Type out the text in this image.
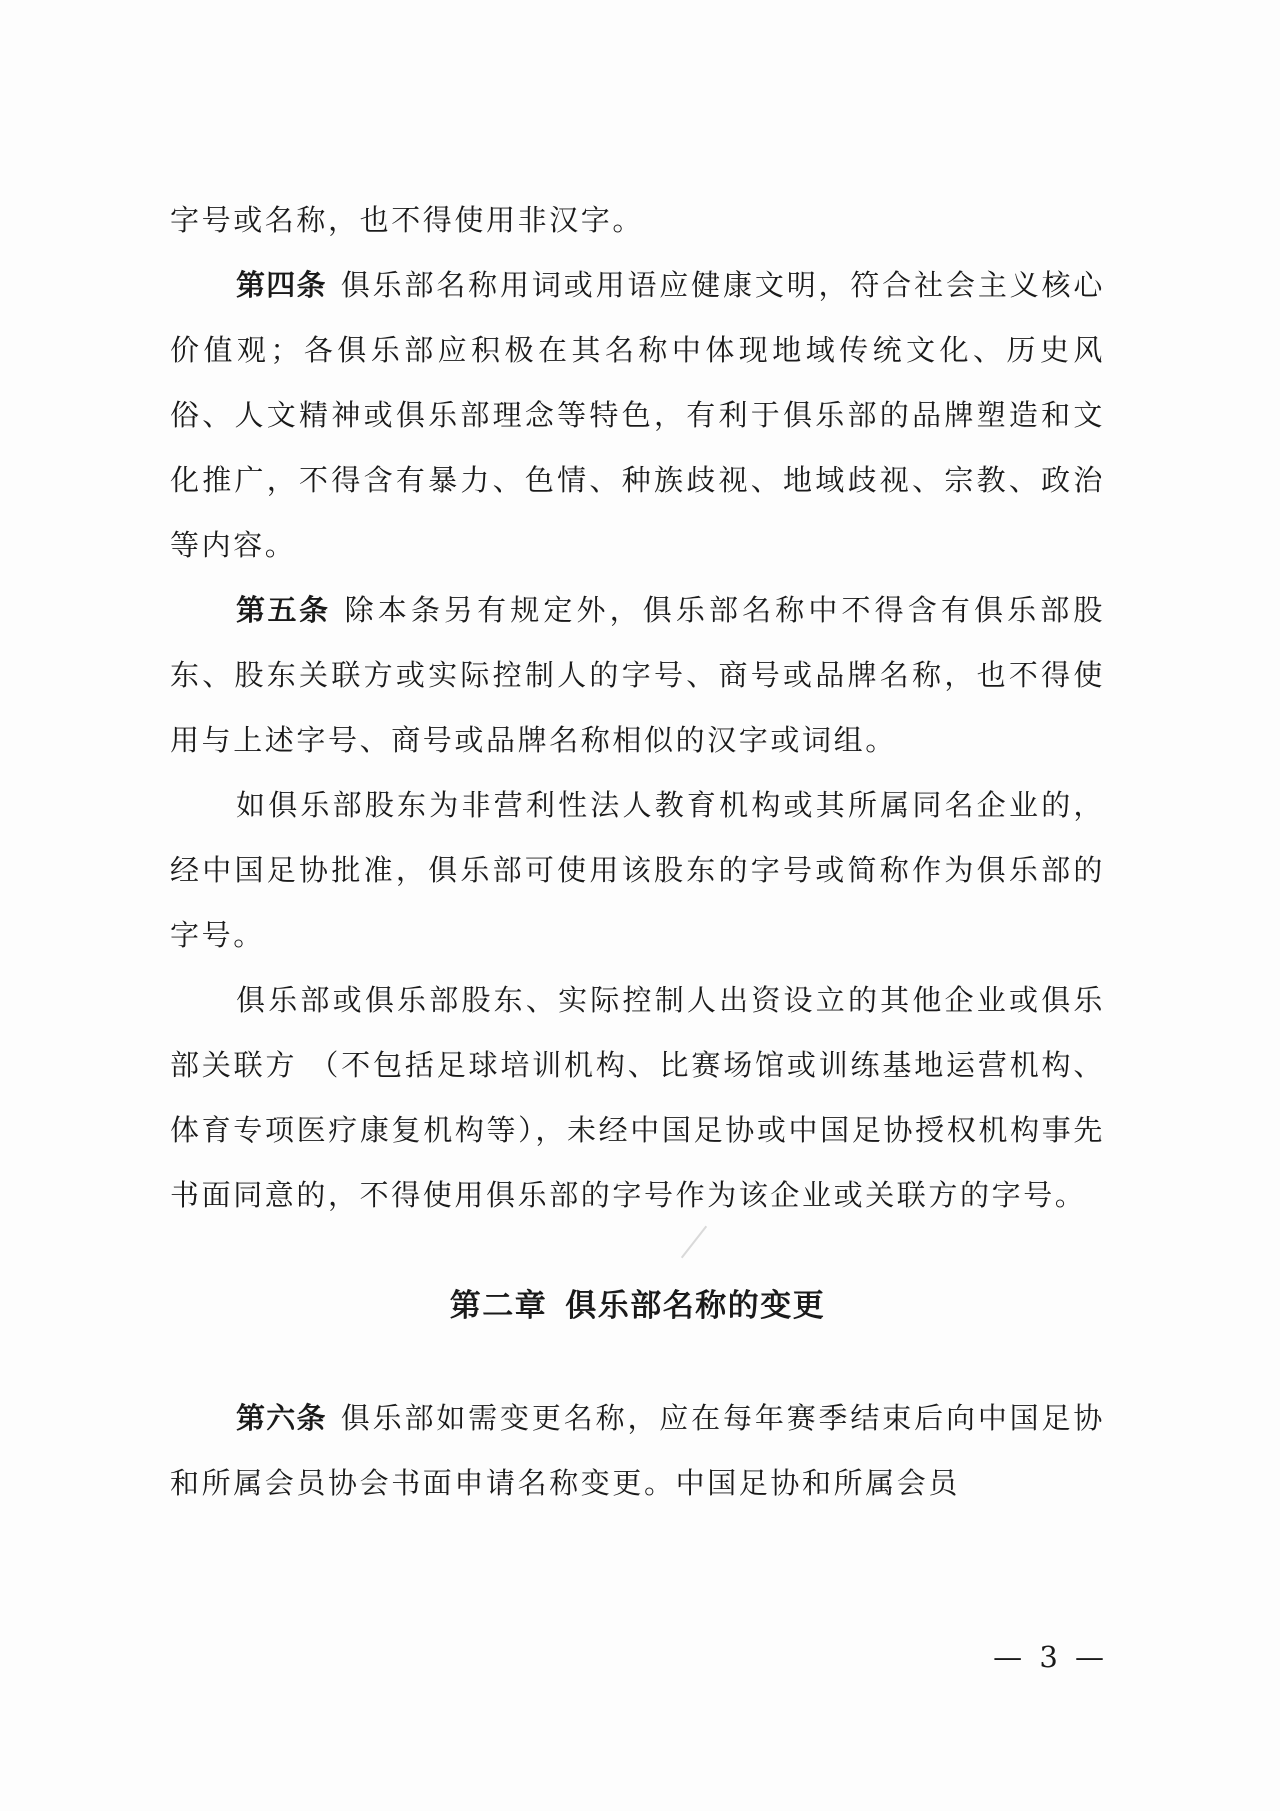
字号或名称，也不得使用非汉字。

第四条 俱乐部名称用词或用语应健康文明，符合社会主义核心价值观；各俱乐部应积极在其名称中体现地域传统文化、历史风俗、人文精神或俱乐部理念等特色，有利于俱乐部的品牌塑造和文化推广，不得含有暴力、色情、种族歧视、地域歧视、宗教、政治等内容。

第五条 除本条另有规定外，俱乐部名称中不得含有俱乐部股东、股东关联方或实际控制人的字号、商号或品牌名称，也不得使用与上述字号、商号或品牌名称相似的汉字或词组。

如俱乐部股东为非营利性法人教育机构或其所属同名企业的，经中国足协批准，俱乐部可使用该股东的字号或简称作为俱乐部的字号。

俱乐部或俱乐部股东、实际控制人出资设立的其他企业或俱乐部关联方 （不包括足球培训机构、比赛场馆或训练基地运营机构、体育专项医疗康复机构等），未经中国足协或中国足协授权机构事先书面同意的，不得使用俱乐部的字号作为该企业或关联方的字号。

第二章 俱乐部名称的变更

第六条 俱乐部如需变更名称，应在每年赛季结束后向中国足协和所属会员协会书面申请名称变更。中国足协和所属会员

— 3 —
